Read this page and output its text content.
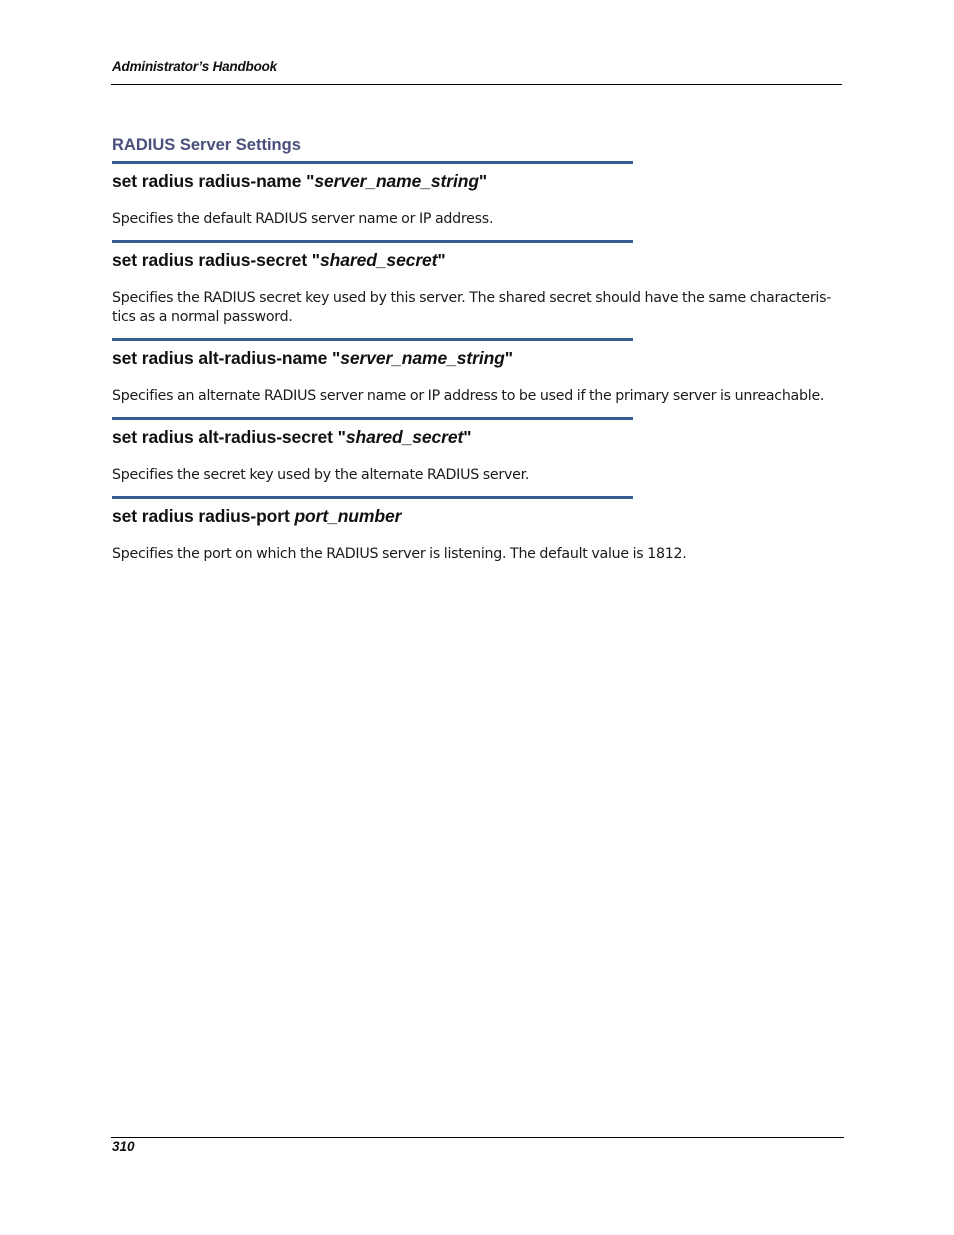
Administrator’s Handbook
RADIUS Server Settings
set radius radius-name "server_name_string"
Specifies the default RADIUS server name or IP address.
set radius radius-secret "shared_secret"
Specifies the RADIUS secret key used by this server. The shared secret should have the same characteris-
tics as a normal password.
set radius alt-radius-name "server_name_string"
Specifies an alternate RADIUS server name or IP address to be used if the primary server is unreachable.
set radius alt-radius-secret "shared_secret"
Specifies the secret key used by the alternate RADIUS server.
set radius radius-port port_number
Specifies the port on which the RADIUS server is listening. The default value is 1812.
310
